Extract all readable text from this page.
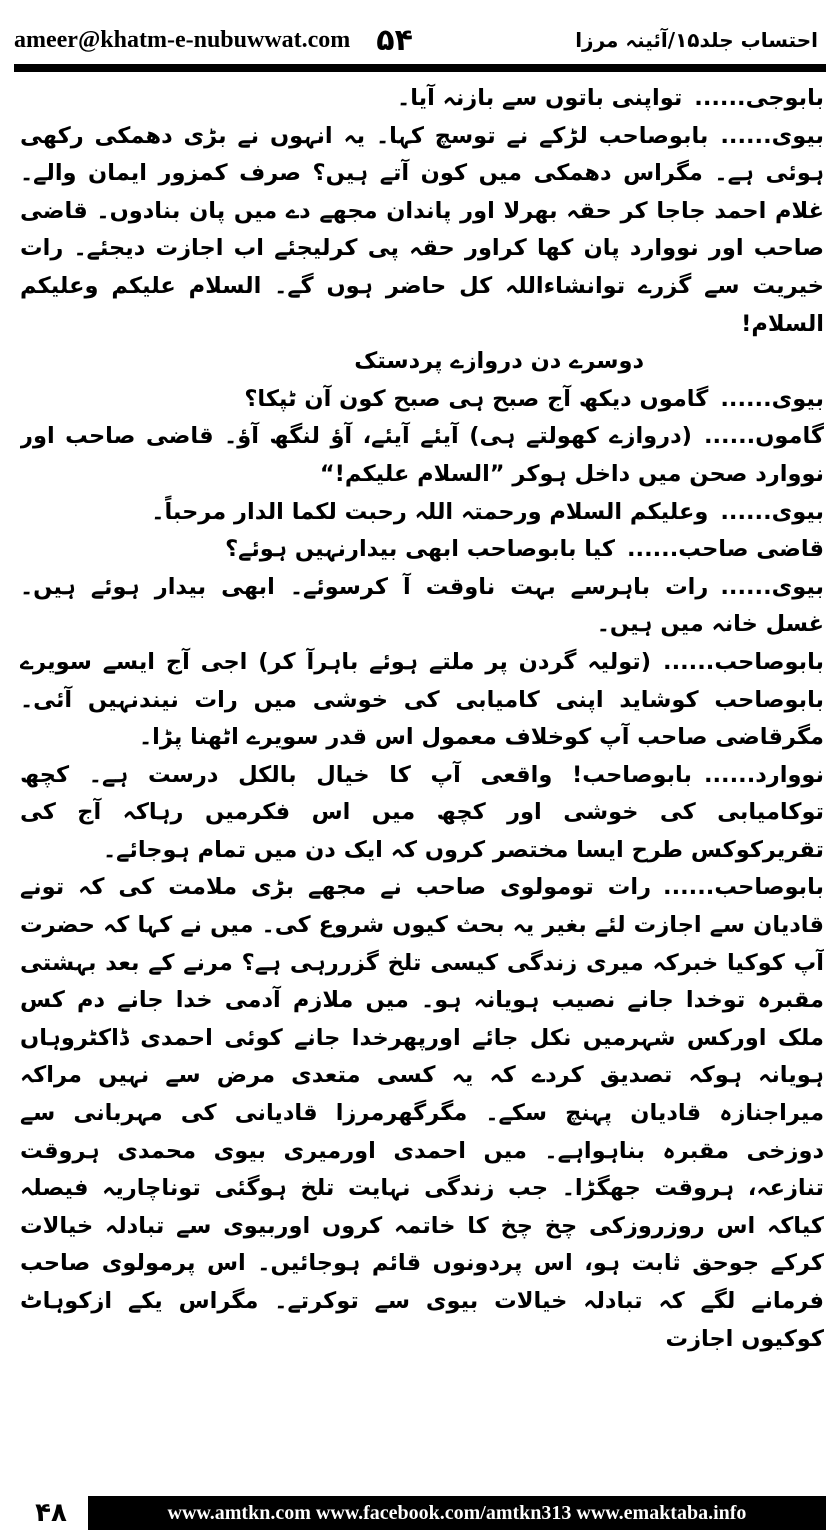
ameer@khatm-e-nubuwwat.com ۵۴	احتساب جلد۱۵/آئینہ مرزا

بابوجی......تواپنی باتوں سے بازنہ آیا۔

بیوی......بابوصاحب لڑکے نے توسچ کہا۔ یہ انہوں نے بڑی دھمکی رکھی ہوئی ہے۔ مگراس دھمکی میں کون آتے ہیں؟ صرف کمزور ایمان والے۔ غلام احمد جاجا کر حقہ بھرلا اور پاندان مجھے دے میں پان بنادوں۔ قاضی صاحب اور نووارد پان کھا کراور حقہ پی کرلیجئے اب اجازت دیجئے۔ رات خیریت سے گزرے توانشاءاللہ کل حاضر ہوں گے۔ السلام علیکم وعلیکم السلام!

دوسرے دن دروازے پردستک

بیوی......گاموں دیکھ آج صبح ہی صبح کون آن ٹپکا؟

گاموں......(دروازے کھولتے ہی) آیئے آیئے، آؤ لنگھ آؤ۔ قاضی صاحب اور نووارد صحن میں داخل ہوکر ”السلام علیکم!“

بیوی......وعلیکم السلام ورحمتہ اللہ رحبت لکما الدار مرحباً۔

قاضی صاحب......کیا بابوصاحب ابھی بیدارنہیں ہوئے؟

بیوی......رات باہرسے بہت ناوقت آ کرسوئے۔ ابھی بیدار ہوئے ہیں۔ غسل خانہ میں ہیں۔

بابوصاحب......(تولیہ گردن پر ملتے ہوئے باہرآ کر) اجی آج ایسے سویرے بابوصاحب کوشاید اپنی کامیابی کی خوشی میں رات نیندنہیں آئی۔ مگرقاضی صاحب آپ کوخلاف معمول اس قدر سویرے اٹھنا پڑا۔

نووارد......بابوصاحب! واقعی آپ کا خیال بالکل درست ہے۔ کچھ توکامیابی کی خوشی اور کچھ میں اس فکرمیں رہاکہ آج کی تقریرکوکس طرح ایسا مختصر کروں کہ ایک دن میں تمام ہوجائے۔

بابوصاحب......رات تومولوی صاحب نے مجھے بڑی ملامت کی کہ تونے قادیان سے اجازت لئے بغیر یہ بحث کیوں شروع کی۔ میں نے کہا کہ حضرت آپ کوکیا خبرکہ میری زندگی کیسی تلخ گزررہی ہے؟ مرنے کے بعد بہشتی مقبرہ توخدا جانے نصیب ہویانہ ہو۔ میں ملازم آدمی خدا جانے دم کس ملک اورکس شہرمیں نکل جائے اورپھرخدا جانے کوئی احمدی ڈاکٹروہاں ہویانہ ہوکہ تصدیق کردے کہ یہ کسی متعدی مرض سے نہیں مراکہ میراجنازہ قادیان پہنچ سکے۔ مگرگھرمرزا قادیانی کی مہربانی سے دوزخی مقبرہ بناہواہے۔ میں احمدی اورمیری بیوی محمدی ہروقت تنازعہ، ہروقت جھگڑا۔ جب زندگی نہایت تلخ ہوگئی توناچاریہ فیصلہ کیاکہ اس روزروزکی چخ چخ کا خاتمہ کروں اوربیوی سے تبادلہ خیالات کرکے جوحق ثابت ہو، اس پردونوں قائم ہوجائیں۔ اس پرمولوی صاحب فرمانے لگے کہ تبادلہ خیالات بیوی سے توکرتے۔ مگراس یکے ازکوہاٹ کوکیوں اجازت

۴۸	www.amtkn.com www.facebook.com/amtkn313 www.emaktaba.info
